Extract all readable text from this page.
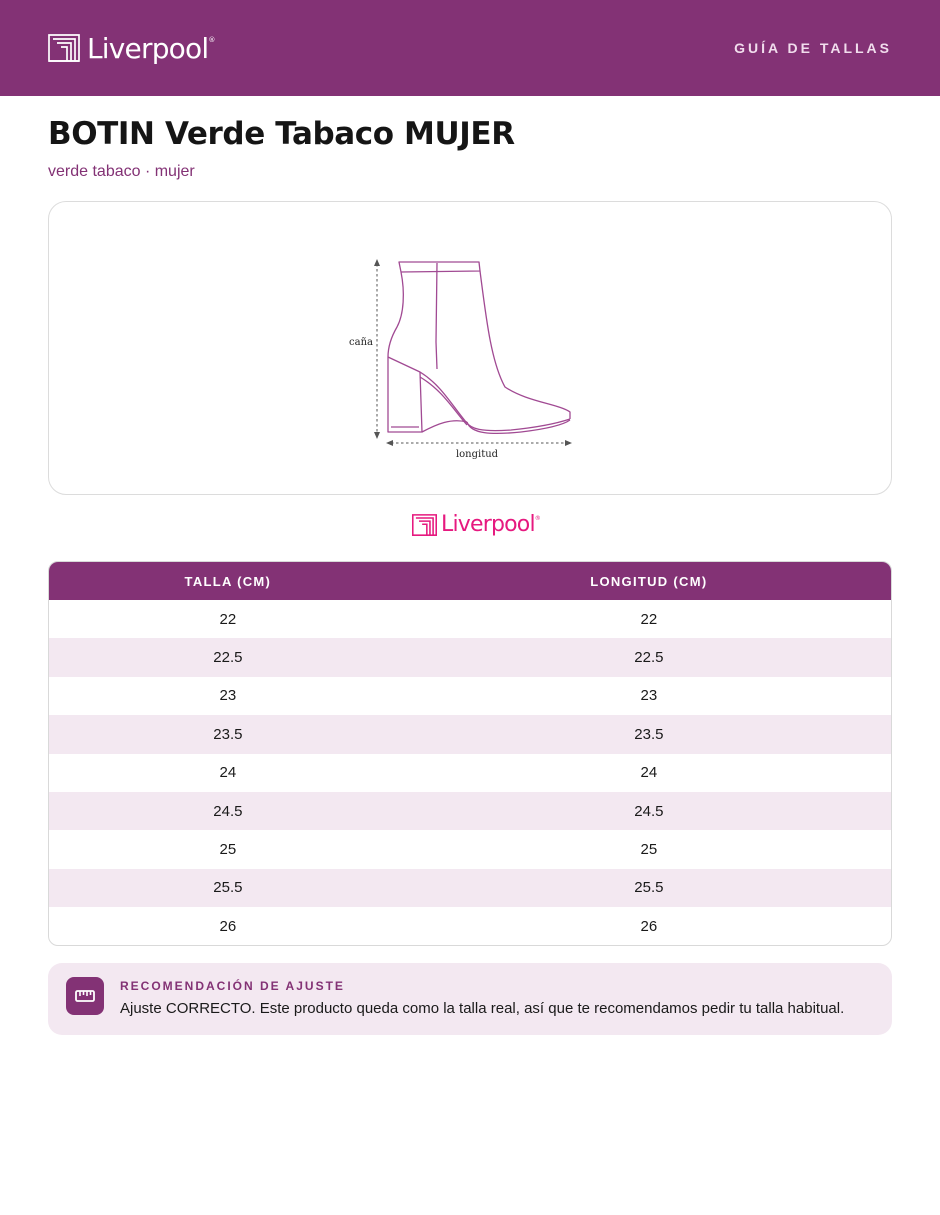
Liverpool®
GUÍA DE TALLAS
BOTIN Verde Tabaco MUJER
verde tabaco · mujer
caña
longitud
Liverpool®
TALLA (CM)	LONGITUD (CM)
22	22
22.5	22.5
23	23
23.5	23.5
24	24
24.5	24.5
25	25
25.5	25.5
26	26
RECOMENDACIÓN DE AJUSTE
Ajuste CORRECTO. Este producto queda como la talla real, así que te recomendamos pedir tu talla habitual.
